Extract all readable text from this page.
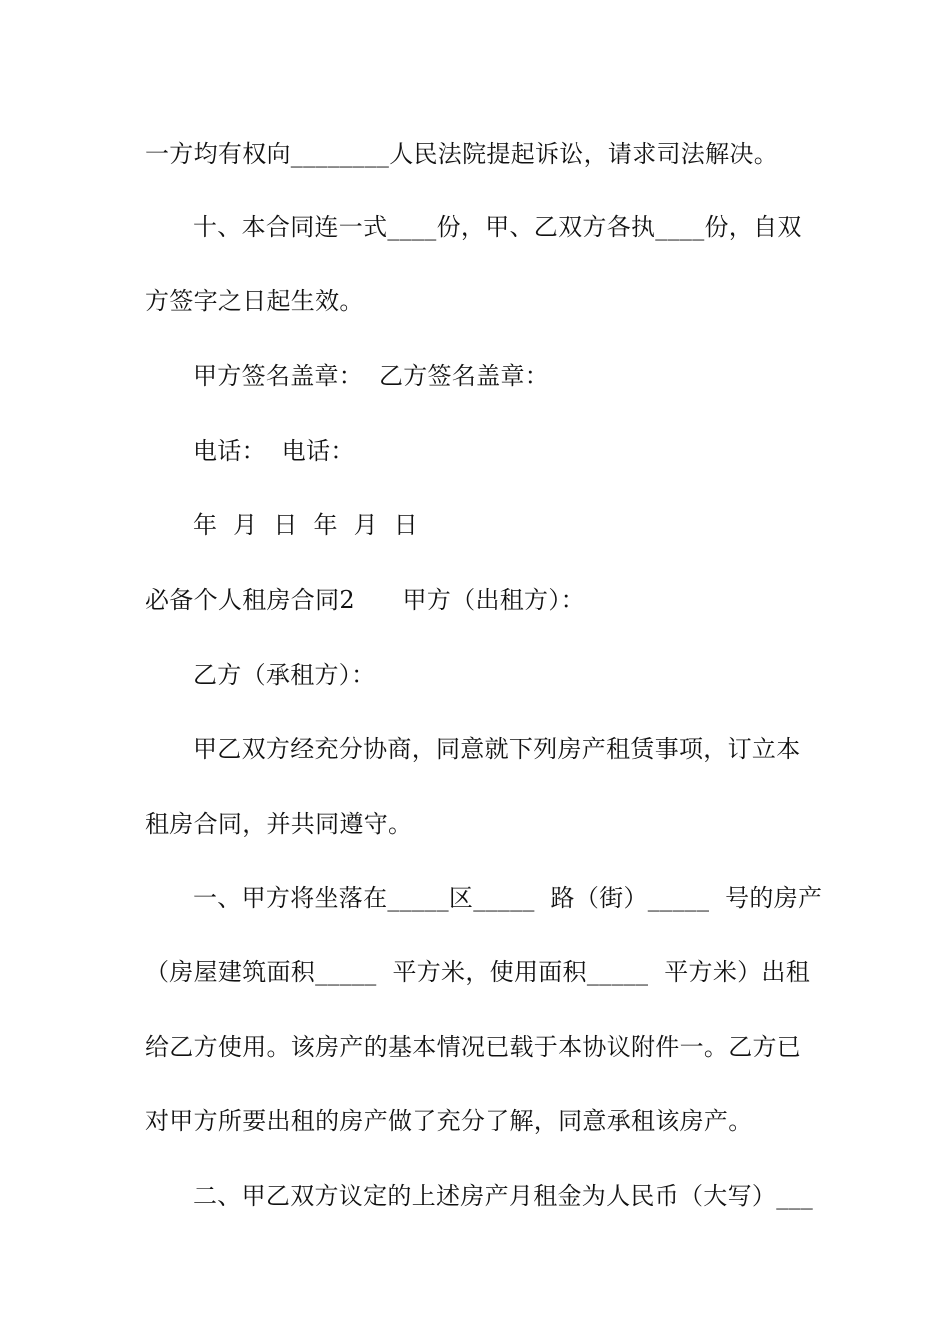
一方均有权向________人民法院提起诉讼，请求司法解决。
十、本合同连一式____份，甲、乙双方各执____份，自双
方签字之日起生效。
甲方签名盖章：  乙方签名盖章：
电话：  电话：
年  月  日  年  月  日
必备个人租房合同2      甲方（出租方）：
乙方（承租方）：
甲乙双方经充分协商，同意就下列房产租赁事项，订立本
租房合同，并共同遵守。
一、甲方将坐落在_____区_____  路（街）_____  号的房产
（房屋建筑面积_____  平方米，使用面积_____  平方米）出租
给乙方使用。该房产的基本情况已载于本协议附件一。乙方已
对甲方所要出租的房产做了充分了解，同意承租该房产。
二、甲乙双方议定的上述房产月租金为人民币（大写）___
